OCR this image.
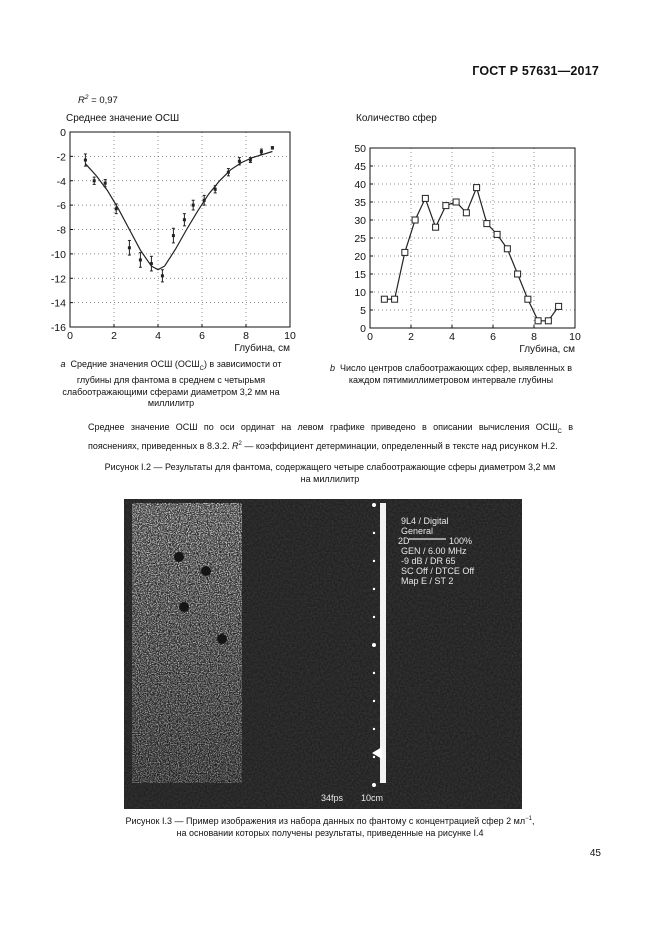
ГОСТ Р 57631—2017
$R^2 = 0,97$
Среднее значение ОСШ	Количество сфер
0	2	4	6	8	10
0
-2
-4
-6
-8
-10
-12
-14
-16
Глубина, см
0	2	4	6	8	10
0
5
10
15
20
25
30
35
40
45
50
Глубина, см
a Средние значения ОСШ $(ОСШ_C)$ в зависимости от глубины для фантома в среднем с четырьмя слабоотражающими сферами диаметром 3,2 мм на миллилитр
b Число центров слабоотражающих сфер, выявленных в каждом пятимиллиметровом интервале глубины
Среднее значение ОСШ по оси ординат на левом графике приведено в описании вычисления $ОСШ_C$ в пояснениях, приведенных в 8.3.2. $R^2$ — коэффициент детерминации, определенный в тексте над рисунком Н.2.
Рисунок I.2 — Результаты для фантома, содержащего четыре слабоотражающие сферы диаметром 3,2 мм
на миллилитр
9L4 / Digital
General
2D	100%
GEN / 6.00 MHz
-9 dB / DR 65
SC Off / DTCE Off
Map E / ST 2
34fps 10cm
Рисунок I.3 — Пример изображения из набора данных по фантому с концентрацией сфер 2 $мл^{-1}$,
на основании которых получены результаты, приведенные на рисунке I.4
45
